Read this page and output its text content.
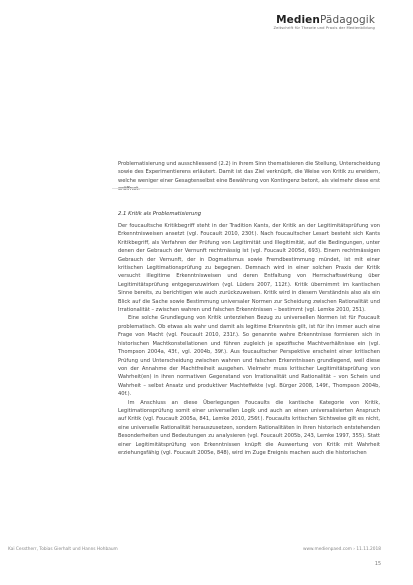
MedienPädagogik
Zeitschrift für Theorie und Praxis der Medienbildung

Problematisierung und ausschliessend (2.2) in ihrem Sinn thematisieren die Stellung, Unterscheidung sowie des Experimentierens erläutert. Damit ist das Ziel verknüpft, die Weise von Kritik zu erwidern, welche weniger einer Gesagtenselbst eine Bewährung von Kontingenz betont, als vielmehr diese erst eröffnet.

2.1 Kritik als Problematisierung

Der foucaultsche Kritikbegriff steht in der Tradition Kants, der Kritik an der Legitimitätsprüfung von Erkenntnisweisen ansetzt (vgl. Foucault 2010, 230f.). Nach foucaultscher Lesart besteht sich Kants Kritikbegriff, als Verfahren der Prüfung von Legitimität und Illegitimität, auf die Bedingungen, unter denen der Gebrauch der Vernunft rechtmässig ist (vgl. Foucault 2005d, 693). Einem rechtmässigen Gebrauch der Vernunft, der in Dogmatismus sowie Fremdbestimmung mündet, ist mit einer kritischen Legitimationsprüfung zu begegnen. Demnach wird in einer solchen Praxis der Kritik versucht illegitime Erkenntnisweisen und deren Entfaltung von Herrschaftswirkung über Legitimitätsprüfung entgegenzuwirken (vgl. Lüders 2007, 112f.). Kritik übernimmt im kantischen Sinne bereits, zu berichtigen wie auch zurückzuweisen. Kritik wird in diesem Verständnis also als ein Blick auf die Sache sowie Bestimmung universaler Normen zur Scheidung zwischen Rationalität und Irrationalität – zwischen wahren und falschen Erkenntnissen – bestimmt (vgl. Lemke 2010, 251).

Eine solche Grundlegung von Kritik unterziehen Bezug zu universellen Normen ist für Foucault problematisch. Ob etwas als wahr und damit als legitime Erkenntnis gilt, ist für ihn immer auch eine Frage von Macht (vgl. Foucault 2010, 231f.). So genannte wahre Erkenntnisse formieren sich in historischen Machtkonstellationen und führen zugleich je spezifische Machtverhältnisse ein (vgl. Thompson 2004a, 43f., vgl. 2004b, 39f.). Aus foucaultscher Perspektive erscheint einer kritischen Prüfung und Unterscheidung zwischen wahren und falschen Erkenntnissen grundlegend, weil diese von der Annahme der Machtfreiheit ausgehen. Vielmehr muss kritischer Legitimitätsprüfung von Wahrheit(en) in ihren normativen Gegenstand von Irrationalität und Rationalität – von Schein und Wahrheit – selbst Ansatz und produktiver Machteffekte (vgl. Bürger 2008, 149f., Thompson 2004b, 40f.).

Im Anschluss an diese Überlegungen Foucaults die kantische Kategorie von Kritik, Legitimationsprüfung somit einer universellen Logik und auch an einen universalisierten Anspruch auf Kritik (vgl. Foucault 2005a, 841, Lemke 2010, 256f.). Foucaults kritischen Sichtweise gilt es nicht, eine universelle Rationalität herauszusetzen, sondern Rationalitäten in ihren historisch entstehenden Besonderheiten und Bedeutungen zu analysieren (vgl. Foucault 2005b, 243, Lemke 1997, 355). Statt einer Legitimitätsprüfung von Erkenntnissen knüpft die Auswertung von Kritik mit Wahrheit erziehungsfähig (vgl. Foucault 2005e, 848), wird im Zuge Ereignis machen auch die historischen

Kai Cesstherr, Tobias Gierhalt und Hanns Hohbaum	www.medienpaed.com › 11.11.2018
15
